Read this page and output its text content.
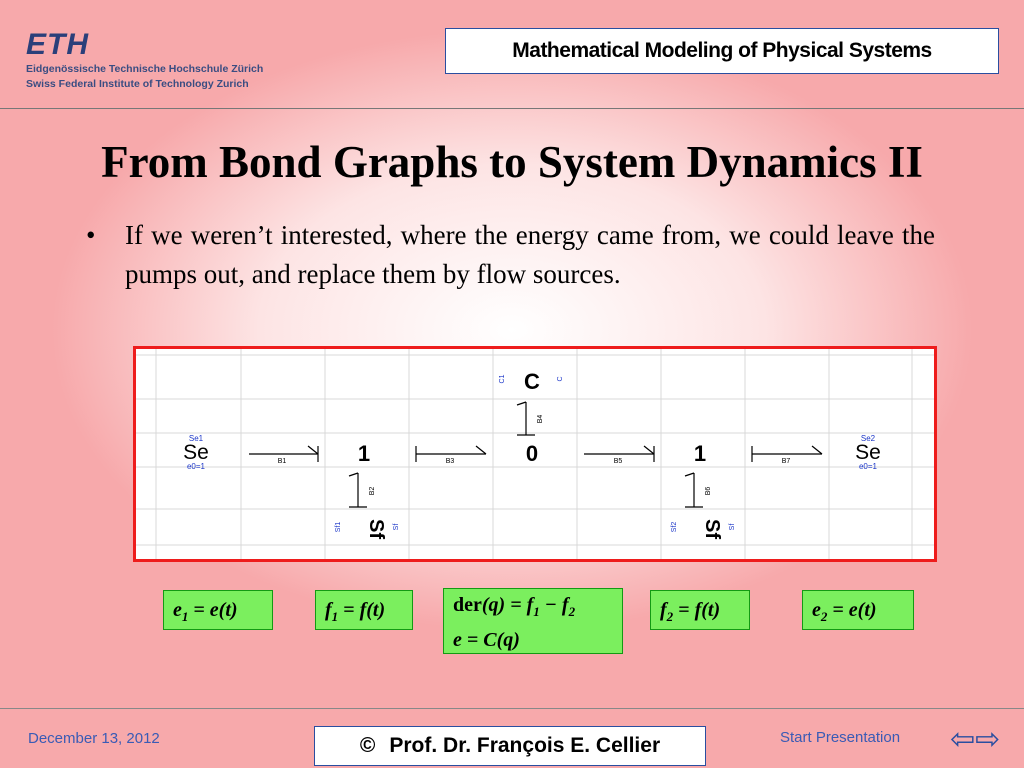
ETH
Eidgenössische Technische Hochschule Zürich
Swiss Federal Institute of Technology Zurich
Mathematical Modeling of Physical Systems
From Bond Graphs to System Dynamics II
• If we weren’t interested, where the energy came from, we could leave the pumps out, and replace them by flow sources.
Se1
Se
e0=1
B1	1
B2
Sf
Sf1	Sf
B3
C
C1	C
B4
0	B5	1
B6
Sf
Sf2	Sf
B7
Se2
Se
e0=1
$e_1 = e(t)$	$f_1 = f(t)$	$der(q) = f_1 - f_2$
e = C(q)
$f_2 = f(t)$	$e_2 = e(t)$
December 13, 2012	© Prof. Dr. François E. Cellier	Start Presentation ⇦⇨
